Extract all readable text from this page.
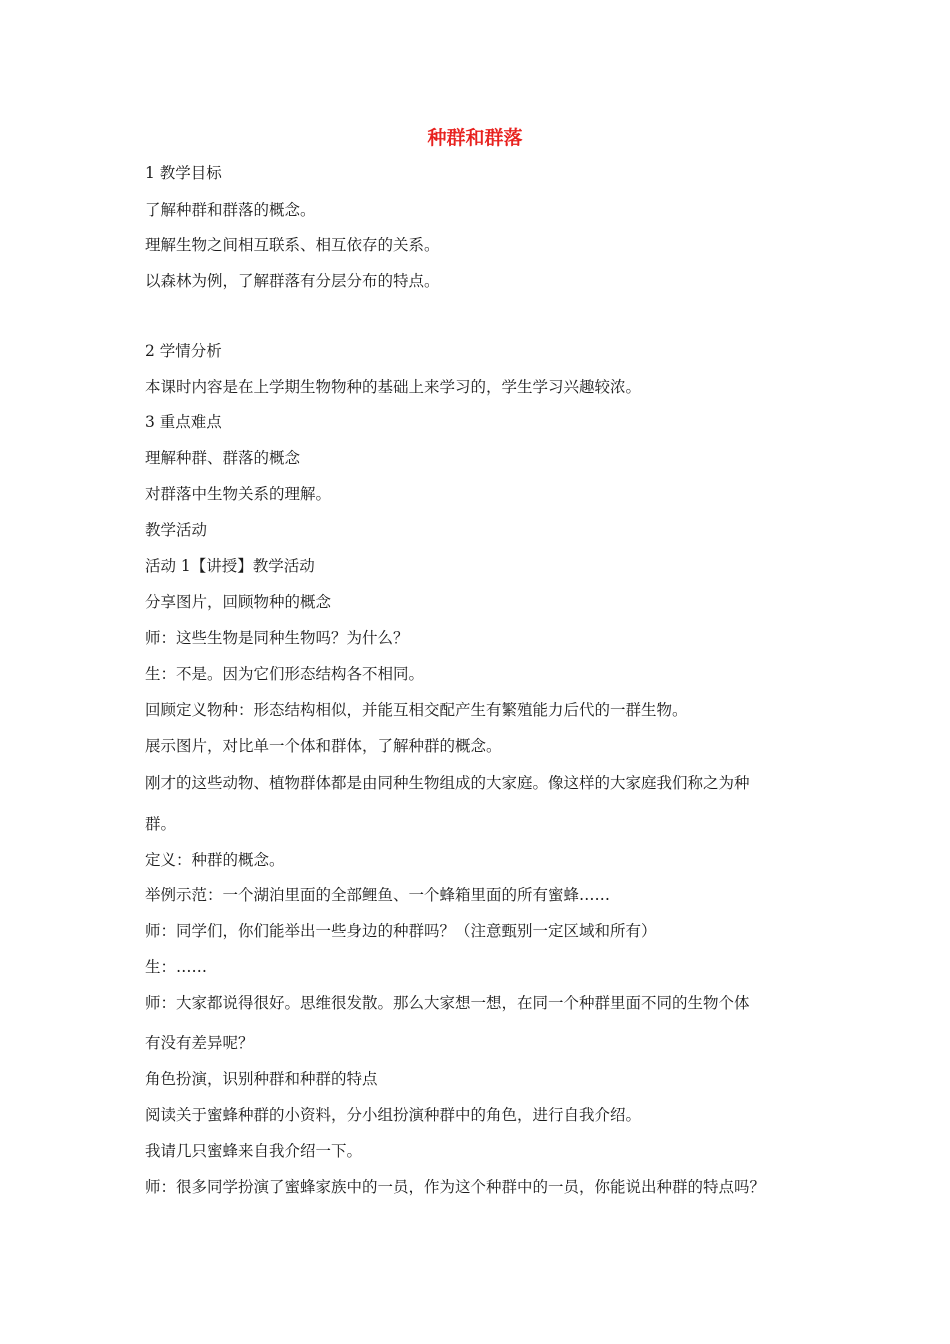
种群和群落
1 教学目标
了解种群和群落的概念。
理解生物之间相互联系、相互依存的关系。
以森林为例，了解群落有分层分布的特点。
2 学情分析
本课时内容是在上学期生物物种的基础上来学习的，学生学习兴趣较浓。
3 重点难点
理解种群、群落的概念
对群落中生物关系的理解。
教学活动
活动 1【讲授】教学活动
分享图片，回顾物种的概念
师：这些生物是同种生物吗？为什么？
生：不是。因为它们形态结构各不相同。
回顾定义物种：形态结构相似，并能互相交配产生有繁殖能力后代的一群生物。
展示图片，对比单一个体和群体，了解种群的概念。
刚才的这些动物、植物群体都是由同种生物组成的大家庭。像这样的大家庭我们称之为种
群。
定义：种群的概念。
举例示范：一个湖泊里面的全部鲤鱼、一个蜂箱里面的所有蜜蜂……
师：同学们，你们能举出一些身边的种群吗？（注意甄别一定区域和所有）
生：……
师：大家都说得很好。思维很发散。那么大家想一想，在同一个种群里面不同的生物个体
有没有差异呢？
角色扮演，识别种群和种群的特点
阅读关于蜜蜂种群的小资料，分小组扮演种群中的角色，进行自我介绍。
我请几只蜜蜂来自我介绍一下。
师：很多同学扮演了蜜蜂家族中的一员，作为这个种群中的一员，你能说出种群的特点吗？
